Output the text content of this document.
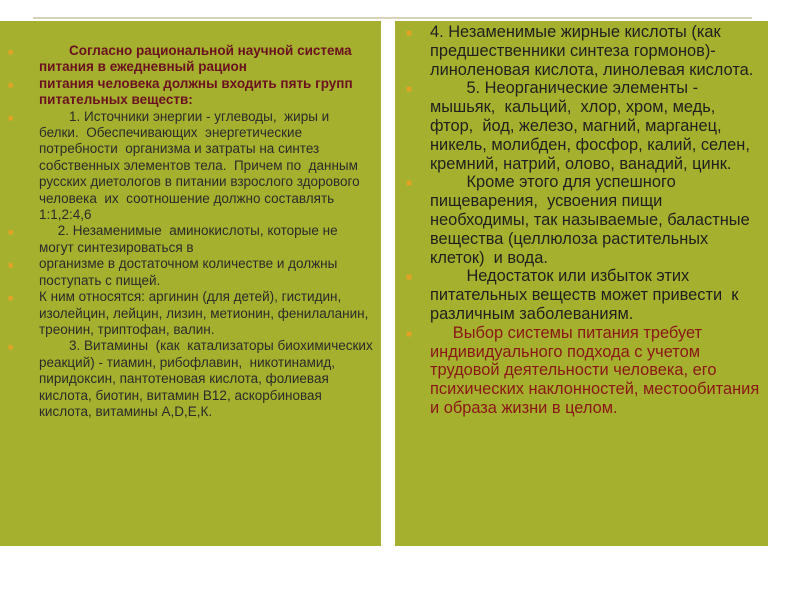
■ Согласно рациональной научной система питания в ежедневный рацион
■ питания человека должны входить пять групп питательных веществ:
■ 1. Источники энергии - углеводы,  жиры и  белки.  Обеспечивающих  энергетические  потребности  организма и затраты на синтез собственных элементов тела.  Причем по  данным русских диетологов в питании взрослого здорового  человека  их  соотношение должно составлять 1:1,2:4,6
■ 2. Незаменимые  аминокислоты, которые не могут синтезироваться в
■ организме в достаточном количестве и должны поступать с пищей.
■ К ним относятся: аргинин (для детей), гистидин, изолейцин, лейцин, лизин, метионин, фенилаланин, треонин, триптофан, валин.
■ 3. Витамины  (как  катализаторы биохимических реакций) - тиамин, рибофлавин,  никотинамид,  пиридоксин, пантотеновая кислота, фолиевая кислота, биотин, витамин В12, аскорбиновая кислота, витамины А,D,Е,К.
■ 4. Незаменимые жирные кислоты (как предшественники синтеза гормонов)- линоленовая кислота, линолевая кислота.
■ 5. Неорганические элементы - мышьяк,  кальций,  хлор, хром, медь, фтор,  йод, железо, магний, марганец, никель, молибден, фосфор, калий, селен, кремний, натрий, олово, ванадий, цинк.
■ Кроме этого для успешного пищеварения,  усвоения пищи необходимы, так называемые, баластные вещества (целлюлоза растительных клеток)  и вода.
■ Недостаток или избыток этих питательных веществ может привести  к различным заболеваниям.
■ Выбор системы питания требует индивидуального подхода с учетом трудовой деятельности человека, его психических наклонностей, местообитания и образа жизни в целом.
